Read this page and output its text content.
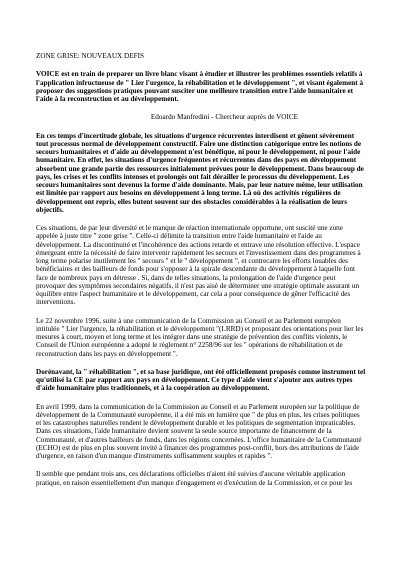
ZONE GRISE: NOUVEAUX DEFIS
VOICE est en train de preparer un livre blanc visant à étudier et illustrer les problèmes essentiels relatifs à
l'application infructueuse de " Lier l'urgence, la réhabilitation et le développement ", et visant également à
proposer des suggestions pratiques pouvant susciter une meilleure transition entre l'aide humanitaire et
l'aide à la reconstruction et au développement.
Edoardo Manfredini - Chercheur auprès de VOICE
En ces temps d'incertitude globale, les situations d'urgence récurrentes interdisent et gênent sévèrement
tout processus normal de développement constructif. Faire une distinction catégorique entre les notions de
secours humanitaires et d'aide au développement n'est bénéfique, ni pour le développement, ni pour l'aide
humanitaire. En effet, les situations d'urgence fréquentes et récurrentes dans des pays en développement
absorbent une grande partie des ressources initialement prévues pour le développement. Dans beaucoup de
pays, les crises et les conflits intenses et prolongés ont fait dérailler le processus du développement. Les
secours humanitaires sont devenus la forme d'aide dominante. Mais, par leur nature même, leur utilisation
est limitée par rapport aux besoins en développement à long terme. Là où des activités régulières de
développement ont repris, elles butent souvent sur des obstacles considérables à la réalisation de leurs
objectifs.
Ces situations, de par leur diversité et le manque de réaction internationale opportune, ont suscité une zone
appelée à juste titre " zone grise ". Celle-ci délimite la transition entre l'aide humanitaire et l'aide au
développement. La discontinuité et l'incohérence des actions retarde et entrave une résolution effective. L'espace
émergeant entre la nécessité de faire intervenir rapidement les secours et l'investissement dans des programmes à
long terme polarise inutilement les " secours " et le " développement ", et contrecarre les efforts louables des
bénéficiaires et des bailleurs de fonds pour s'opposer à la spirale descendante du développement à laquelle font
face de nombreux pays en détresse . Si, dans de telles situations, la prolongation de l'aide d'urgence peut
provoquer des symptômes secondaires négatifs, il n'est pas aisé de déterminer une stratégie optimale assurant un
équilibre entre l'aspect humanitaire et le développement, car cela a pour conséquence de gêner l'efficacité des
interventions.
Le 22 novembre 1996, suite à une communication de la Commission au Conseil et au Parlement européen
intitulée " Lier l'urgence, la réhabilitation et le développement "(LRRD) et proposant des orientations pour lier les
mesures à court, moyen et long terme et les intégrer dans une stratégie de prévention des conflits violents, le
Conseil de l'Union européenne a adopté le règlement n° 2258/96 sur les " opérations de réhabilitation et de
reconstruction dans les pays en développement ".
Dorénavant, la " réhabilitation ", et sa base juridique, ont été officiellement proposés comme instrument tel
qu'utilisé la CE par rapport aux pays en développement. Ce type d'aide vient s'ajouter aux autres types
d'aide humanitaire plus traditionnels, et à la coopération au développement.
En avril 1999, dans la communication de la Commission au Conseil et au Parlement européen sur la politique de
développement de la Communauté européenne, il a été mis en lumière que " de plus en plus, les crises politiques
et les catastrophes naturelles rendent le développement durable et les politiques de segmentation impraticables.
Dans ces situations, l'aide humanitaire devient souvent la seule source importante de financement de la
Communauté, et d'autres bailleurs de fonds, dans les régions concernées. L'office humanitaire de la Communauté
(ECHO) est de plus en plus souvent invité à financer des programmes post-conflit, hors des attributions de l'aide
d'urgence, en raison d'un manque d'instruments suffisamment souples et rapides ".
Il semble que pendant trois ans, ces déclarations officielles n'aient été suivies d'aucune véritable application
pratique, en raison essentiellement d'un manque d'engagement et d'exécution de la Commission, et ce pour les
